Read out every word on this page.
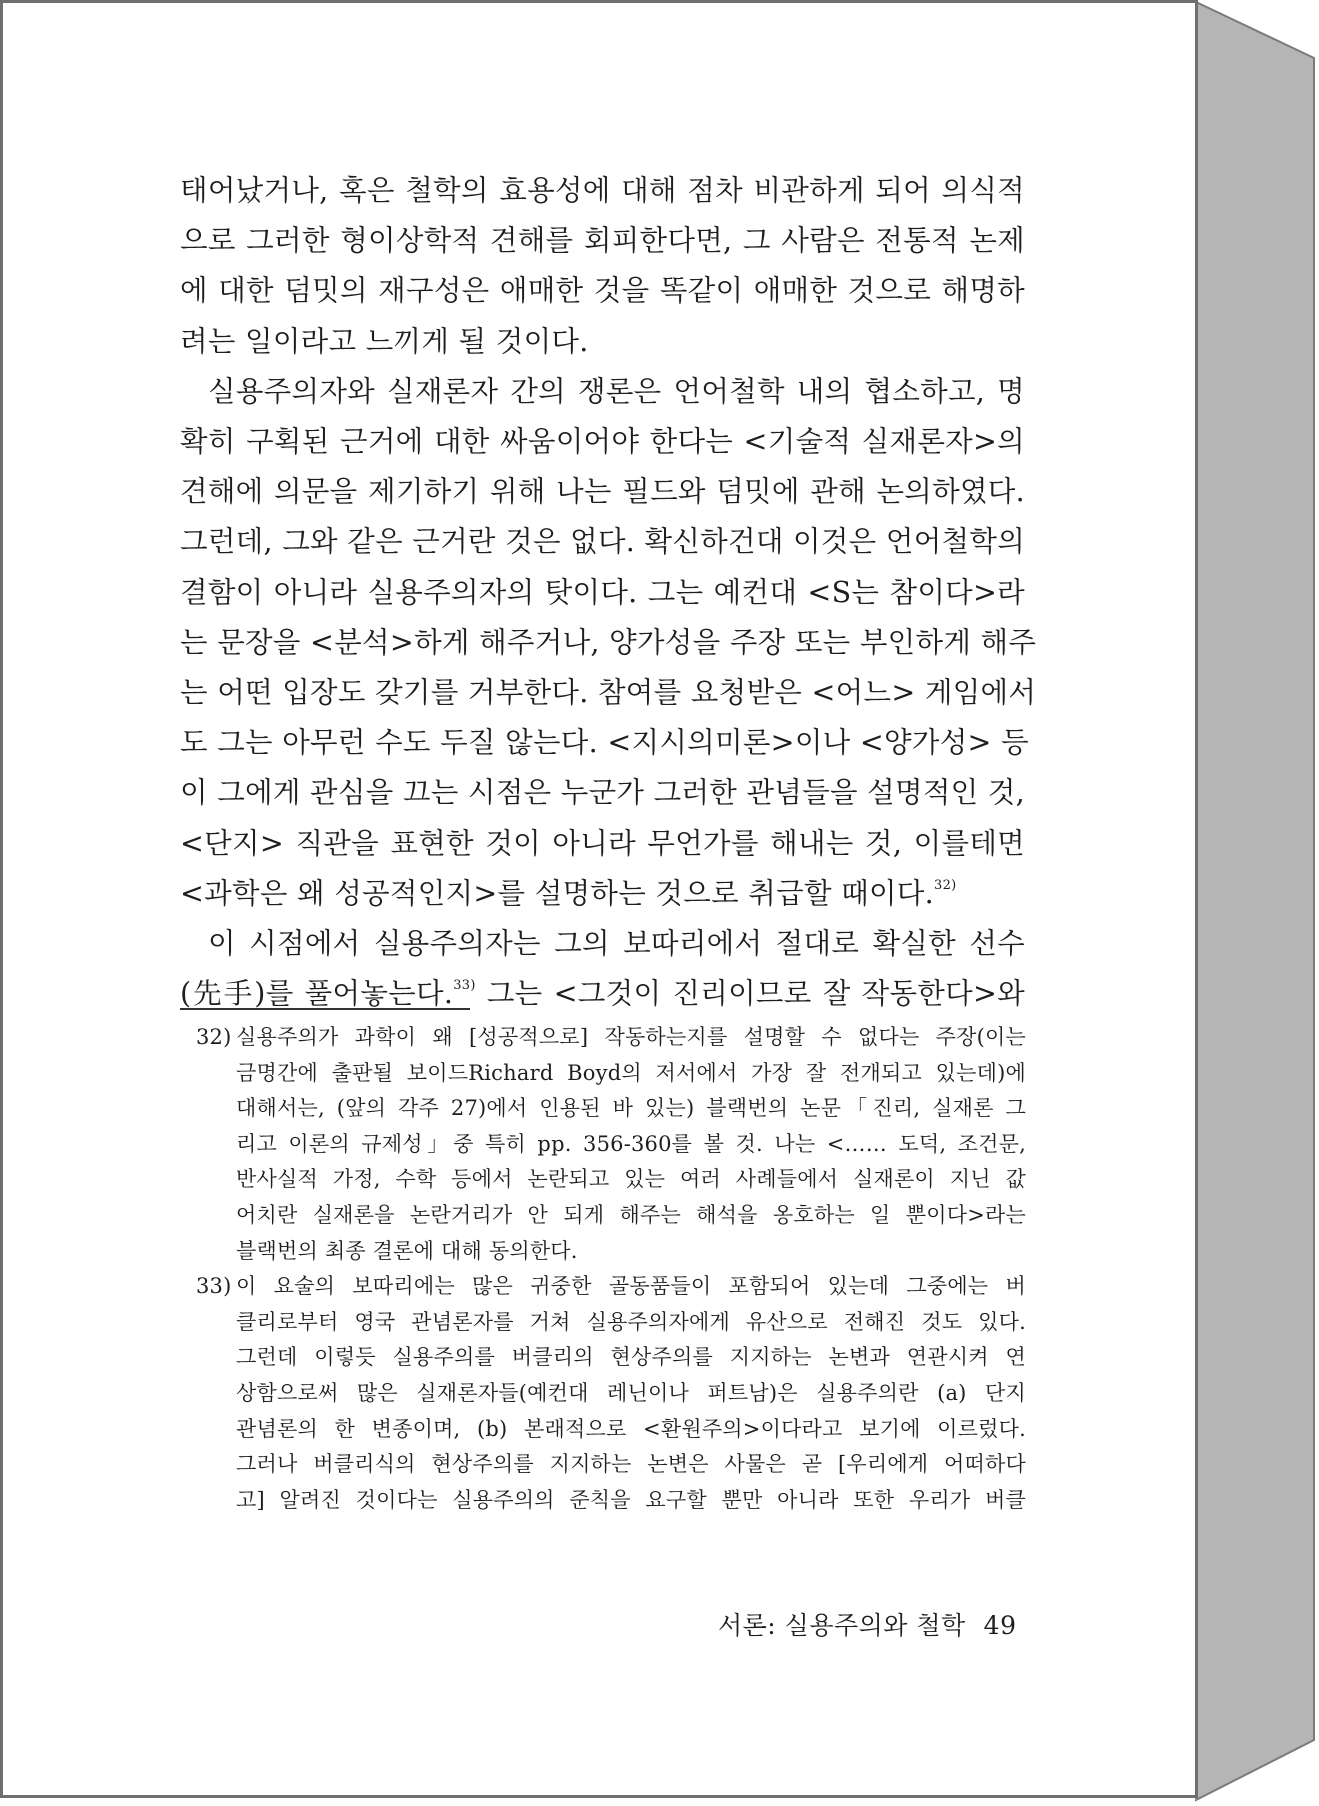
태어났거나, 혹은 철학의 효용성에 대해 점차 비관하게 되어 의식적
으로 그러한 형이상학적 견해를 회피한다면, 그 사람은 전통적 논제
에 대한 덤밋의 재구성은 애매한 것을 똑같이 애매한 것으로 해명하
려는 일이라고 느끼게 될 것이다.
실용주의자와 실재론자 간의 쟁론은 언어철학 내의 협소하고, 명
확히 구획된 근거에 대한 싸움이어야 한다는 <기술적 실재론자>의
견해에 의문을 제기하기 위해 나는 필드와 덤밋에 관해 논의하였다.
그런데, 그와 같은 근거란 것은 없다. 확신하건대 이것은 언어철학의
결함이 아니라 실용주의자의 탓이다. 그는 예컨대 <S는 참이다>라
는 문장을 <분석>하게 해주거나, 양가성을 주장 또는 부인하게 해주
는 어떤 입장도 갖기를 거부한다. 참여를 요청받은 <어느> 게임에서
도 그는 아무런 수도 두질 않는다. <지시의미론>이나 <양가성> 등
이 그에게 관심을 끄는 시점은 누군가 그러한 관념들을 설명적인 것,
<단지> 직관을 표현한 것이 아니라 무언가를 해내는 것, 이를테면
<과학은 왜 성공적인지>를 설명하는 것으로 취급할 때이다.$^{32)}$
이 시점에서 실용주의자는 그의 보따리에서 절대로 확실한 선수
(先手)를 풀어놓는다.$^{33)}$ 그는 <그것이 진리이므로 잘 작동한다>와
32) 실용주의가 과학이 왜 [성공적으로] 작동하는지를 설명할 수 없다는 주장(이는
금명간에 출판될 보이드Richard Boyd의 저서에서 가장 잘 전개되고 있는데)에
대해서는, (앞의 각주 27)에서 인용된 바 있는) 블랙번의 논문「진리, 실재론 그
리고 이론의 규제성」중 특히 pp. 356-360를 볼 것. 나는 <…… 도덕, 조건문,
반사실적 가정, 수학 등에서 논란되고 있는 여러 사례들에서 실재론이 지닌 값
어치란 실재론을 논란거리가 안 되게 해주는 해석을 옹호하는 일 뿐이다>라는
블랙번의 최종 결론에 대해 동의한다.
33) 이 요술의 보따리에는 많은 귀중한 골동품들이 포함되어 있는데 그중에는 버
클리로부터 영국 관념론자를 거쳐 실용주의자에게 유산으로 전해진 것도 있다.
그런데 이렇듯 실용주의를 버클리의 현상주의를 지지하는 논변과 연관시켜 연
상함으로써 많은 실재론자들(예컨대 레닌이나 퍼트남)은 실용주의란 (a) 단지
관념론의 한 변종이며, (b) 본래적으로 <환원주의>이다라고 보기에 이르렀다.
그러나 버클리식의 현상주의를 지지하는 논변은 사물은 곧 [우리에게 어떠하다
고] 알려진 것이다는 실용주의의 준칙을 요구할 뿐만 아니라 또한 우리가 버클
서론: 실용주의와 철학 49
